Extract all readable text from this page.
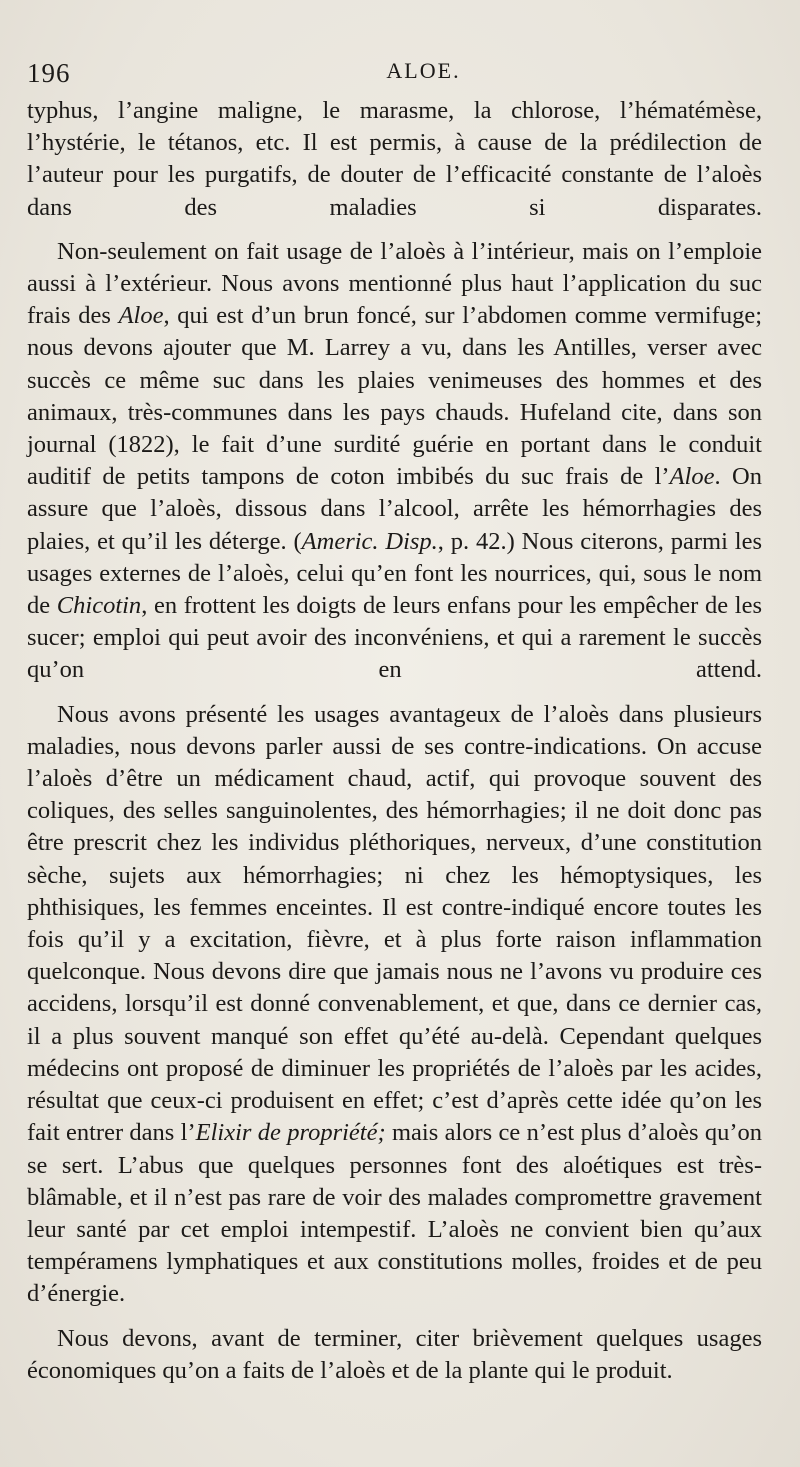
196	ALOE.

typhus, l’angine maligne, le marasme, la chlorose, l’hématémèse, l’hystérie, le tétanos, etc. Il est permis, à cause de la prédilection de l’auteur pour les purgatifs, de douter de l’efficacité constante de l’aloès dans des maladies si disparates.

Non-seulement on fait usage de l’aloès à l’intérieur, mais on l’emploie aussi à l’extérieur. Nous avons mentionné plus haut l’application du suc frais des Aloe, qui est d’un brun foncé, sur l’abdomen comme vermifuge; nous devons ajouter que M. Larrey a vu, dans les Antilles, verser avec succès ce même suc dans les plaies venimeuses des hommes et des animaux, très-communes dans les pays chauds. Hufeland cite, dans son journal (1822), le fait d’une surdité guérie en portant dans le conduit auditif de petits tampons de coton imbibés du suc frais de l’Aloe. On assure que l’aloès, dissous dans l’alcool, arrête les hémorrhagies des plaies, et qu’il les déterge. (Americ. Disp., p. 42.) Nous citerons, parmi les usages externes de l’aloès, celui qu’en font les nourrices, qui, sous le nom de Chicotin, en frottent les doigts de leurs enfans pour les empêcher de les sucer; emploi qui peut avoir des inconvéniens, et qui a rarement le succès qu’on en attend.

Nous avons présenté les usages avantageux de l’aloès dans plusieurs maladies, nous devons parler aussi de ses contre-indications. On accuse l’aloès d’être un médicament chaud, actif, qui provoque souvent des coliques, des selles sanguinolentes, des hémorrhagies; il ne doit donc pas être prescrit chez les individus pléthoriques, nerveux, d’une constitution sèche, sujets aux hémorrhagies; ni chez les hémoptysiques, les phthisiques, les femmes enceintes. Il est contre-indiqué encore toutes les fois qu’il y a excitation, fièvre, et à plus forte raison inflammation quelconque. Nous devons dire que jamais nous ne l’avons vu produire ces accidens, lorsqu’il est donné convenablement, et que, dans ce dernier cas, il a plus souvent manqué son effet qu’été au-delà. Cependant quelques médecins ont proposé de diminuer les propriétés de l’aloès par les acides, résultat que ceux-ci produisent en effet; c’est d’après cette idée qu’on les fait entrer dans l’Elixir de propriété; mais alors ce n’est plus d’aloès qu’on se sert. L’abus que quelques personnes font des aloétiques est très-blâmable, et il n’est pas rare de voir des malades compromettre gravement leur santé par cet emploi intempestif. L’aloès ne convient bien qu’aux tempéramens lymphatiques et aux constitutions molles, froides et de peu d’énergie.

Nous devons, avant de terminer, citer brièvement quelques usages économiques qu’on a faits de l’aloès et de la plante qui le produit.
